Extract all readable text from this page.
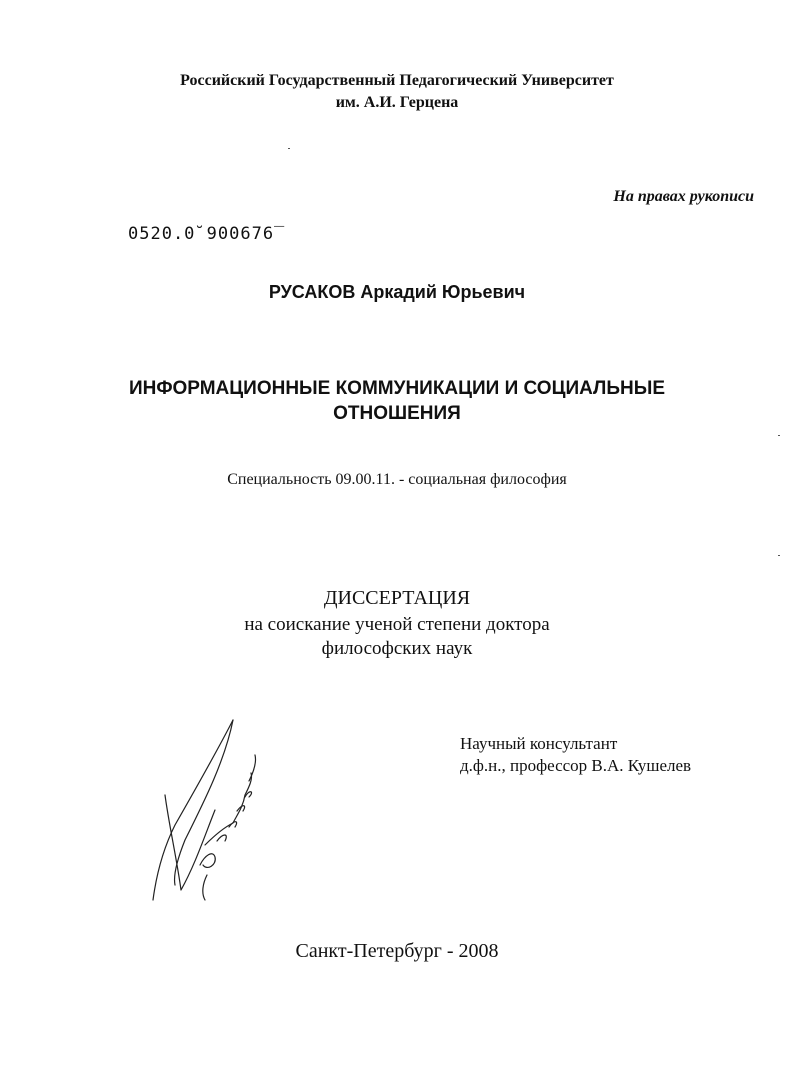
Российский Государственный Педагогический Университет
им. А.И. Герцена
На правах рукописи
0520.0̆ 900676‾
РУСАКОВ Аркадий Юрьевич
ИНФОРМАЦИОННЫЕ КОММУНИКАЦИИ И СОЦИАЛЬНЫЕ
ОТНОШЕНИЯ
Специальность 09.00.11. - социальная философия
ДИССЕРТАЦИЯ
на соискание ученой степени доктора
философских наук
Научный консультант
д.ф.н., профессор В.А. Кушелев
Санкт-Петербург - 2008
